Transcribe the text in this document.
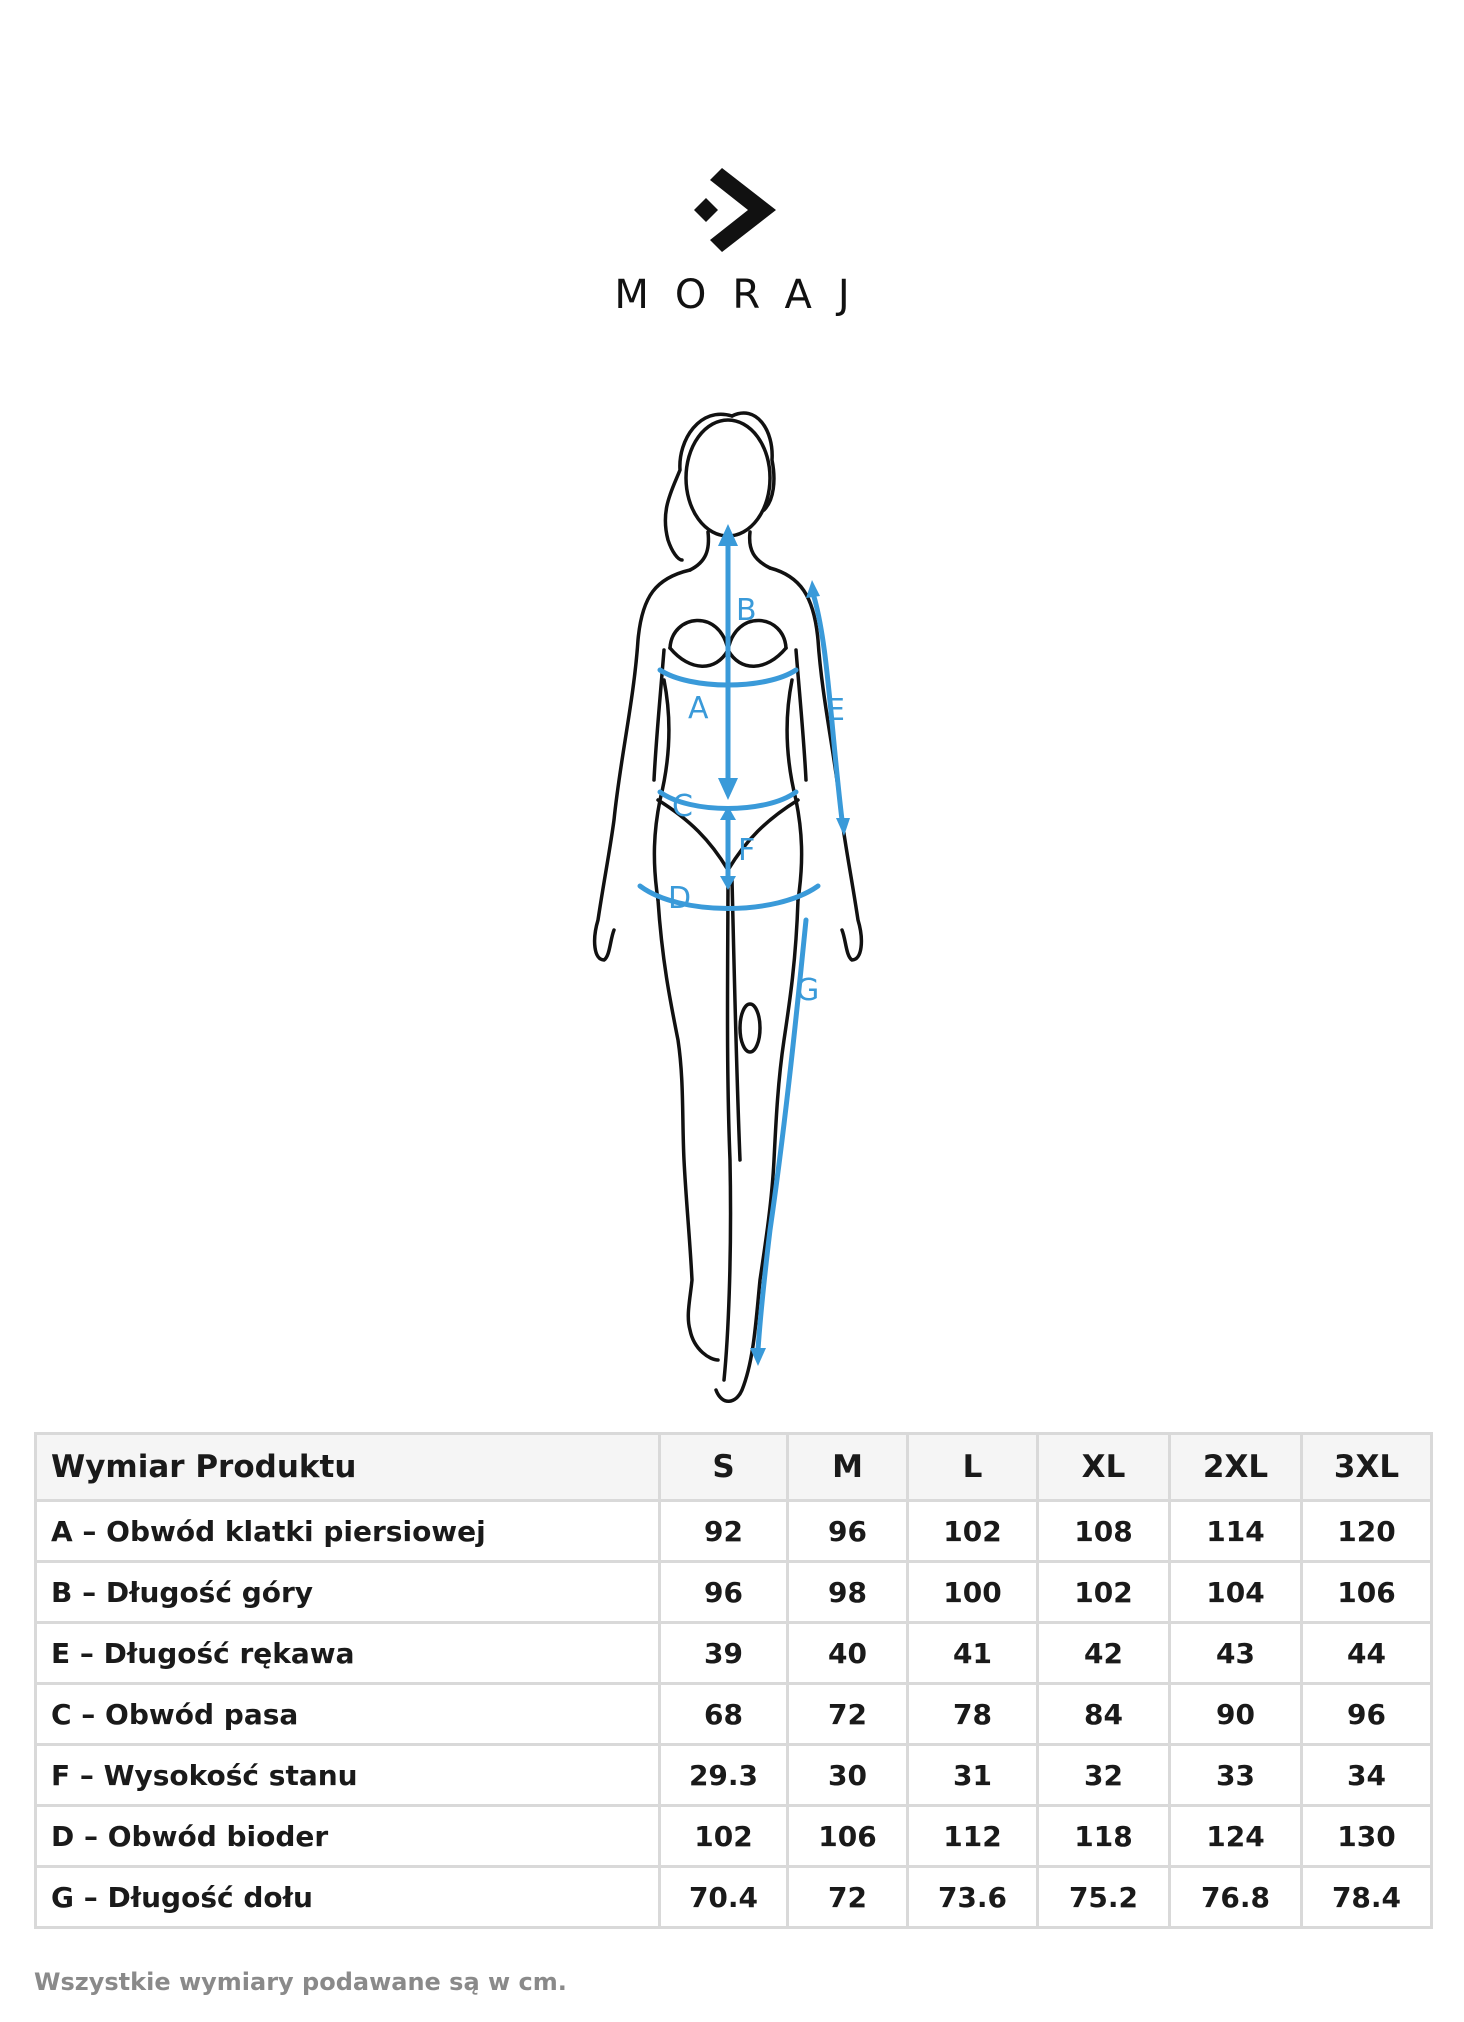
MORAJ
B
A	E
C
F
D
G
Wymiar Produktu	S	M	L	XL	2XL	3XL
A – Obwód klatki piersiowej	92	96	102	108	114	120
B – Długość góry	96	98	100	102	104	106
E – Długość rękawa	39	40	41	42	43	44
C – Obwód pasa	68	72	78	84	90	96
F – Wysokość stanu	29.3	30	31	32	33	34
D – Obwód bioder	102	106	112	118	124	130
G – Długość dołu	70.4	72	73.6	75.2	76.8	78.4
Wszystkie wymiary podawane są w cm.
